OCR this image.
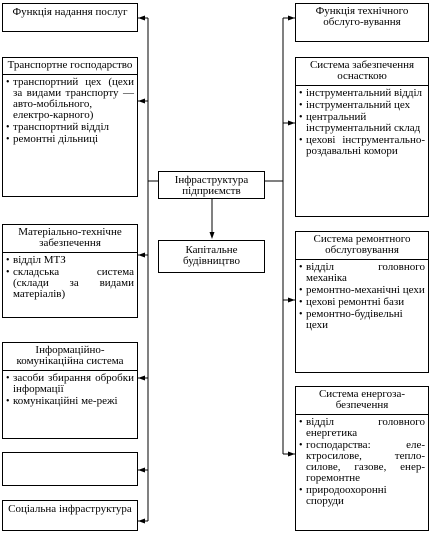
Функція надання послуг
Транспортне господарство
• транспортний цех (цехи за видами транспорту — авто-мобільного, електро-карного)
• транспортний відділ
• ремонтні дільниці
Матеріально-технічне забезпечення
• відділ МТЗ
• складська система (склади за видами матеріалів)
Інформаційно-комунікаційна система
• засоби збирання обробки інформації
• комунікаційні ме-режі
Соціальна інфраструктура
Інфраструктура підприємств
Капітальне будівництво
Функція технічного обслуго-вування
Система забезпечення оснасткою
• інструментальний відділ
• інструментальний цех
• центральний інструментальний склад
• цехові інструментально-роздавальні комори
Система ремонтного обслуговування
• відділ головного механіка
• ремонтно-механічні цехи
• цехові ремонтні бази
• ремонтно-будівельні цехи
Система енергоза-безпечення
• відділ головного енергетика
• господарства: еле-ктросилове, тепло-силове, газове, енер-горемонтне
• природоохоронні споруди
